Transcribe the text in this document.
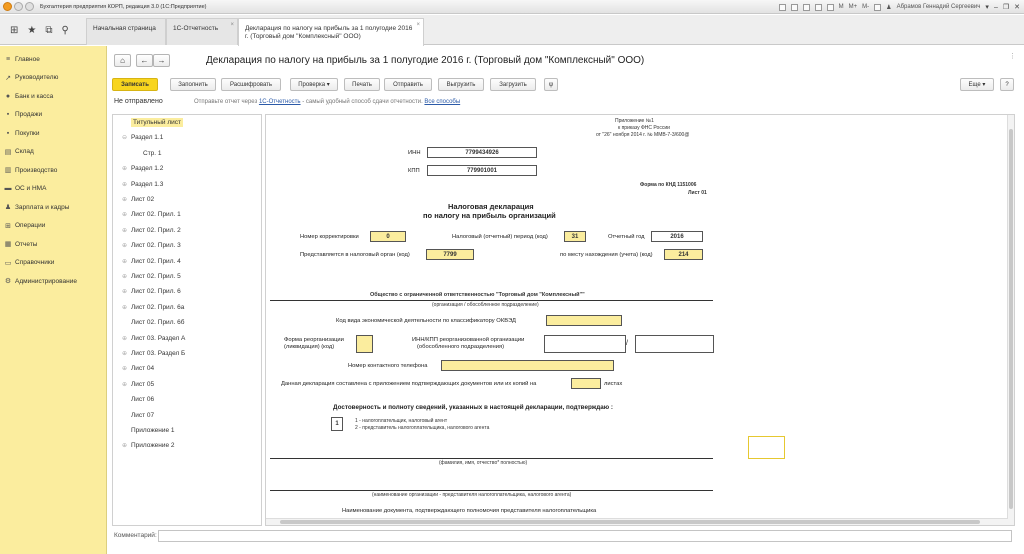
Бухгалтерия предприятия КОРП, редакция 3.0 (1С:Предприятие)	M M+ M-	♟ Абрамов Геннадий Сергеевич ▾ – ❐ ✕
⊞ ★ ⧉ ⚲	Начальная страница	1С-Отчетность ×	Декларация по налогу на прибыль за 1 полугодие 2016 г. (Торговый дом "Комплексный" ООО)
×
≡ Главное
↗ Руководителю
● Банк и касса
▪ Продажи
▪ Покупки
▤ Склад
▥ Производство
▬ ОС и НМА
♟ Зарплата и кадры
⊞ Операции
▦ Отчеты
▭ Справочники
⚙ Администрирование
⌂	←	→	Декларация по налогу на прибыль за 1 полугодие 2016 г. (Торговый дом "Комплексный" ООО)	⋮
Записать	Заполнить	Расшифровать	Проверка ▾	Печать	Отправить	Выгрузить	Загрузить	ψ	Еще ▾	?
Не отправлено	Отправьте отчет через 1С-Отчетность - самый удобный способ сдачи отчетности. Все способы
Титульный лист
⊖ Раздел 1.1
Стр. 1
⊕ Раздел 1.2
⊕ Раздел 1.3
⊕ Лист 02
⊕ Лист 02. Прил. 1
⊕ Лист 02. Прил. 2
⊕ Лист 02. Прил. 3
⊕ Лист 02. Прил. 4
⊕ Лист 02. Прил. 5
⊕ Лист 02. Прил. 6
⊕ Лист 02. Прил. 6а
Лист 02. Прил. 6б
⊕ Лист 03. Раздел А
⊕ Лист 03. Раздел Б
⊕ Лист 04
⊕ Лист 05
Лист 06
Лист 07
Приложение 1
⊕ Приложение 2
Приложение №1
к приказу ФНС России
от "26" ноября 2014 г. № ММВ-7-3/600@
ИНН	7799434926
КПП	779901001
Форма по КНД 1151006
Лист 01
Налоговая декларация
по налогу на прибыль организаций
Номер корректировки	0	Налоговый (отчетный) период (код)	31	Отчетный год	2016
Представляется в налоговый орган (код)	7799	по месту нахождения (учета) (код)	214
Общество с ограниченной ответственностью "Торговый дом "Комплексный""
(организация / обособленное подразделение)
Код вида экономической деятельности по классификатору ОКВЭД
Форма реорганизации
(ликвидация) (код)
ИНН/КПП реорганизованной организации
(обособленного подразделения)	/
Номер контактного телефона
Данная декларация составлена с приложением подтверждающих документов или их копий на	листах
Достоверность и полноту сведений, указанных в настоящей декларации, подтверждаю :
1	1 - налогоплательщик, налоговый агент
2 - представитель налогоплательщика, налогового агента
(фамилия, имя, отчество* полностью)
(наименование организации - представителя налогоплательщика, налогового агента)
Наименование документа, подтверждающего полномочия представителя налогоплательщика
Комментарий:
